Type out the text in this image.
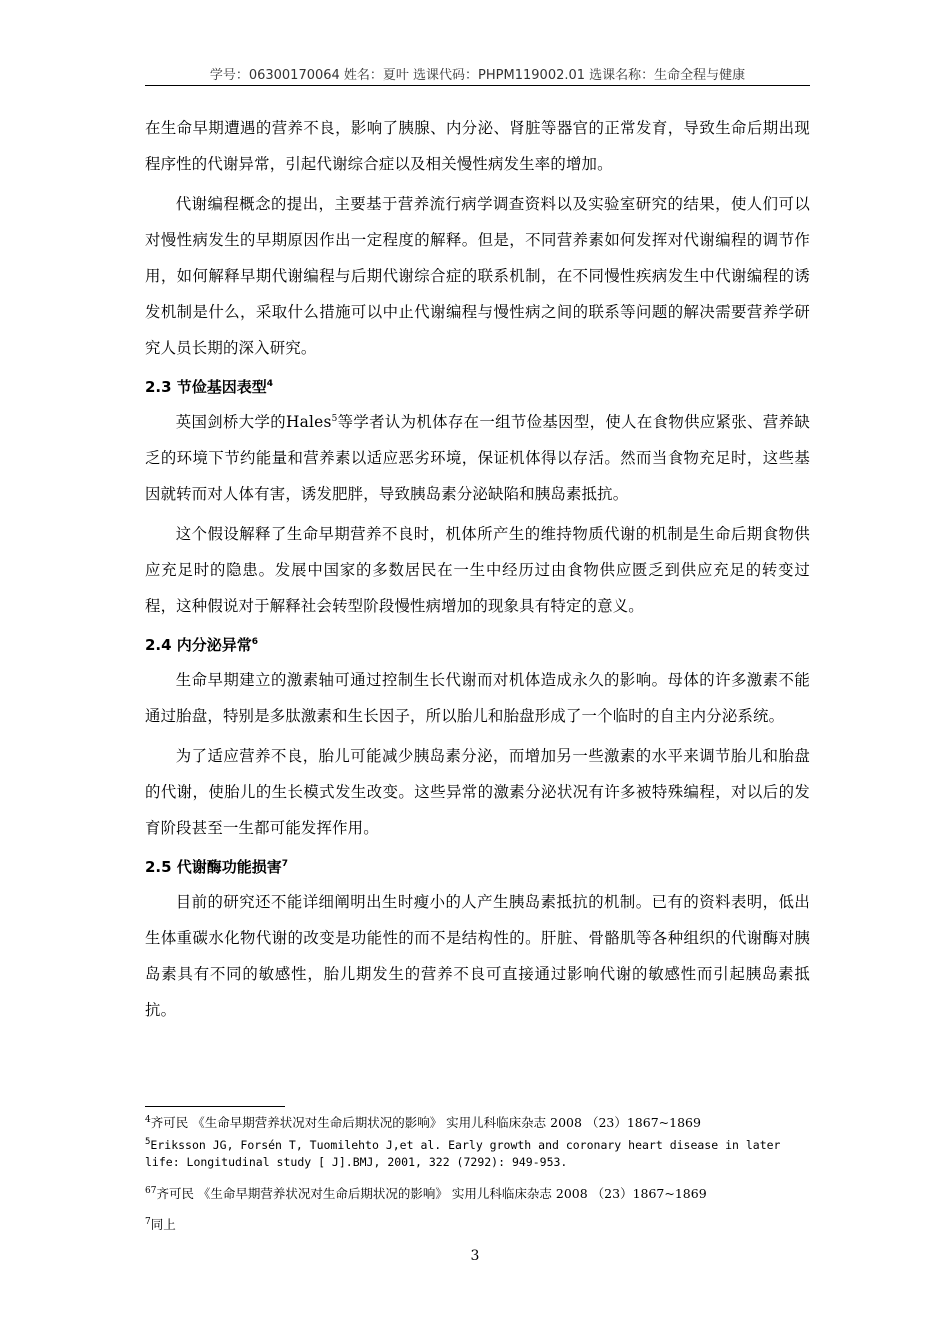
学号：06300170064 姓名：夏叶 选课代码：PHPM119002.01 选课名称：生命全程与健康

在生命早期遭遇的营养不良，影响了胰腺、内分泌、肾脏等器官的正常发育，导致生命后期出现程序性的代谢异常，引起代谢综合症以及相关慢性病发生率的增加。

代谢编程概念的提出，主要基于营养流行病学调查资料以及实验室研究的结果，使人们可以对慢性病发生的早期原因作出一定程度的解释。但是，不同营养素如何发挥对代谢编程的调节作用，如何解释早期代谢编程与后期代谢综合症的联系机制，在不同慢性疾病发生中代谢编程的诱发机制是什么，采取什么措施可以中止代谢编程与慢性病之间的联系等问题的解决需要营养学研究人员长期的深入研究。

2.3 节俭基因表型$^4$

英国剑桥大学的Hales$^5$等学者认为机体存在一组节俭基因型，使人在食物供应紧张、营养缺乏的环境下节约能量和营养素以适应恶劣环境，保证机体得以存活。然而当食物充足时，这些基因就转而对人体有害，诱发肥胖，导致胰岛素分泌缺陷和胰岛素抵抗。

这个假设解释了生命早期营养不良时，机体所产生的维持物质代谢的机制是生命后期食物供应充足时的隐患。发展中国家的多数居民在一生中经历过由食物供应匮乏到供应充足的转变过程，这种假说对于解释社会转型阶段慢性病增加的现象具有特定的意义。

2.4 内分泌异常$^6$

生命早期建立的激素轴可通过控制生长代谢而对机体造成永久的影响。母体的许多激素不能通过胎盘，特别是多肽激素和生长因子，所以胎儿和胎盘形成了一个临时的自主内分泌系统。

为了适应营养不良，胎儿可能减少胰岛素分泌，而增加另一些激素的水平来调节胎儿和胎盘的代谢，使胎儿的生长模式发生改变。这些异常的激素分泌状况有许多被特殊编程，对以后的发育阶段甚至一生都可能发挥作用。

2.5 代谢酶功能损害$^7$

目前的研究还不能详细阐明出生时瘦小的人产生胰岛素抵抗的机制。已有的资料表明，低出生体重碳水化物代谢的改变是功能性的而不是结构性的。肝脏、骨骼肌等各种组织的代谢酶对胰岛素具有不同的敏感性，胎儿期发生的营养不良可直接通过影响代谢的敏感性而引起胰岛素抵抗。

$^4$齐可民 《生命早期营养状况对生命后期状况的影响》 实用儿科临床杂志 2008 （23）1867~1869

$^5$Eriksson JG, Forsén T, Tuomilehto J,et al. Early growth and coronary heart disease in later life: Longitudinal study [ J].BMJ, 2001, 322 (7292): 949-953.

$^{67}$齐可民 《生命早期营养状况对生命后期状况的影响》 实用儿科临床杂志 2008 （23）1867~1869

$^7$同上

3
